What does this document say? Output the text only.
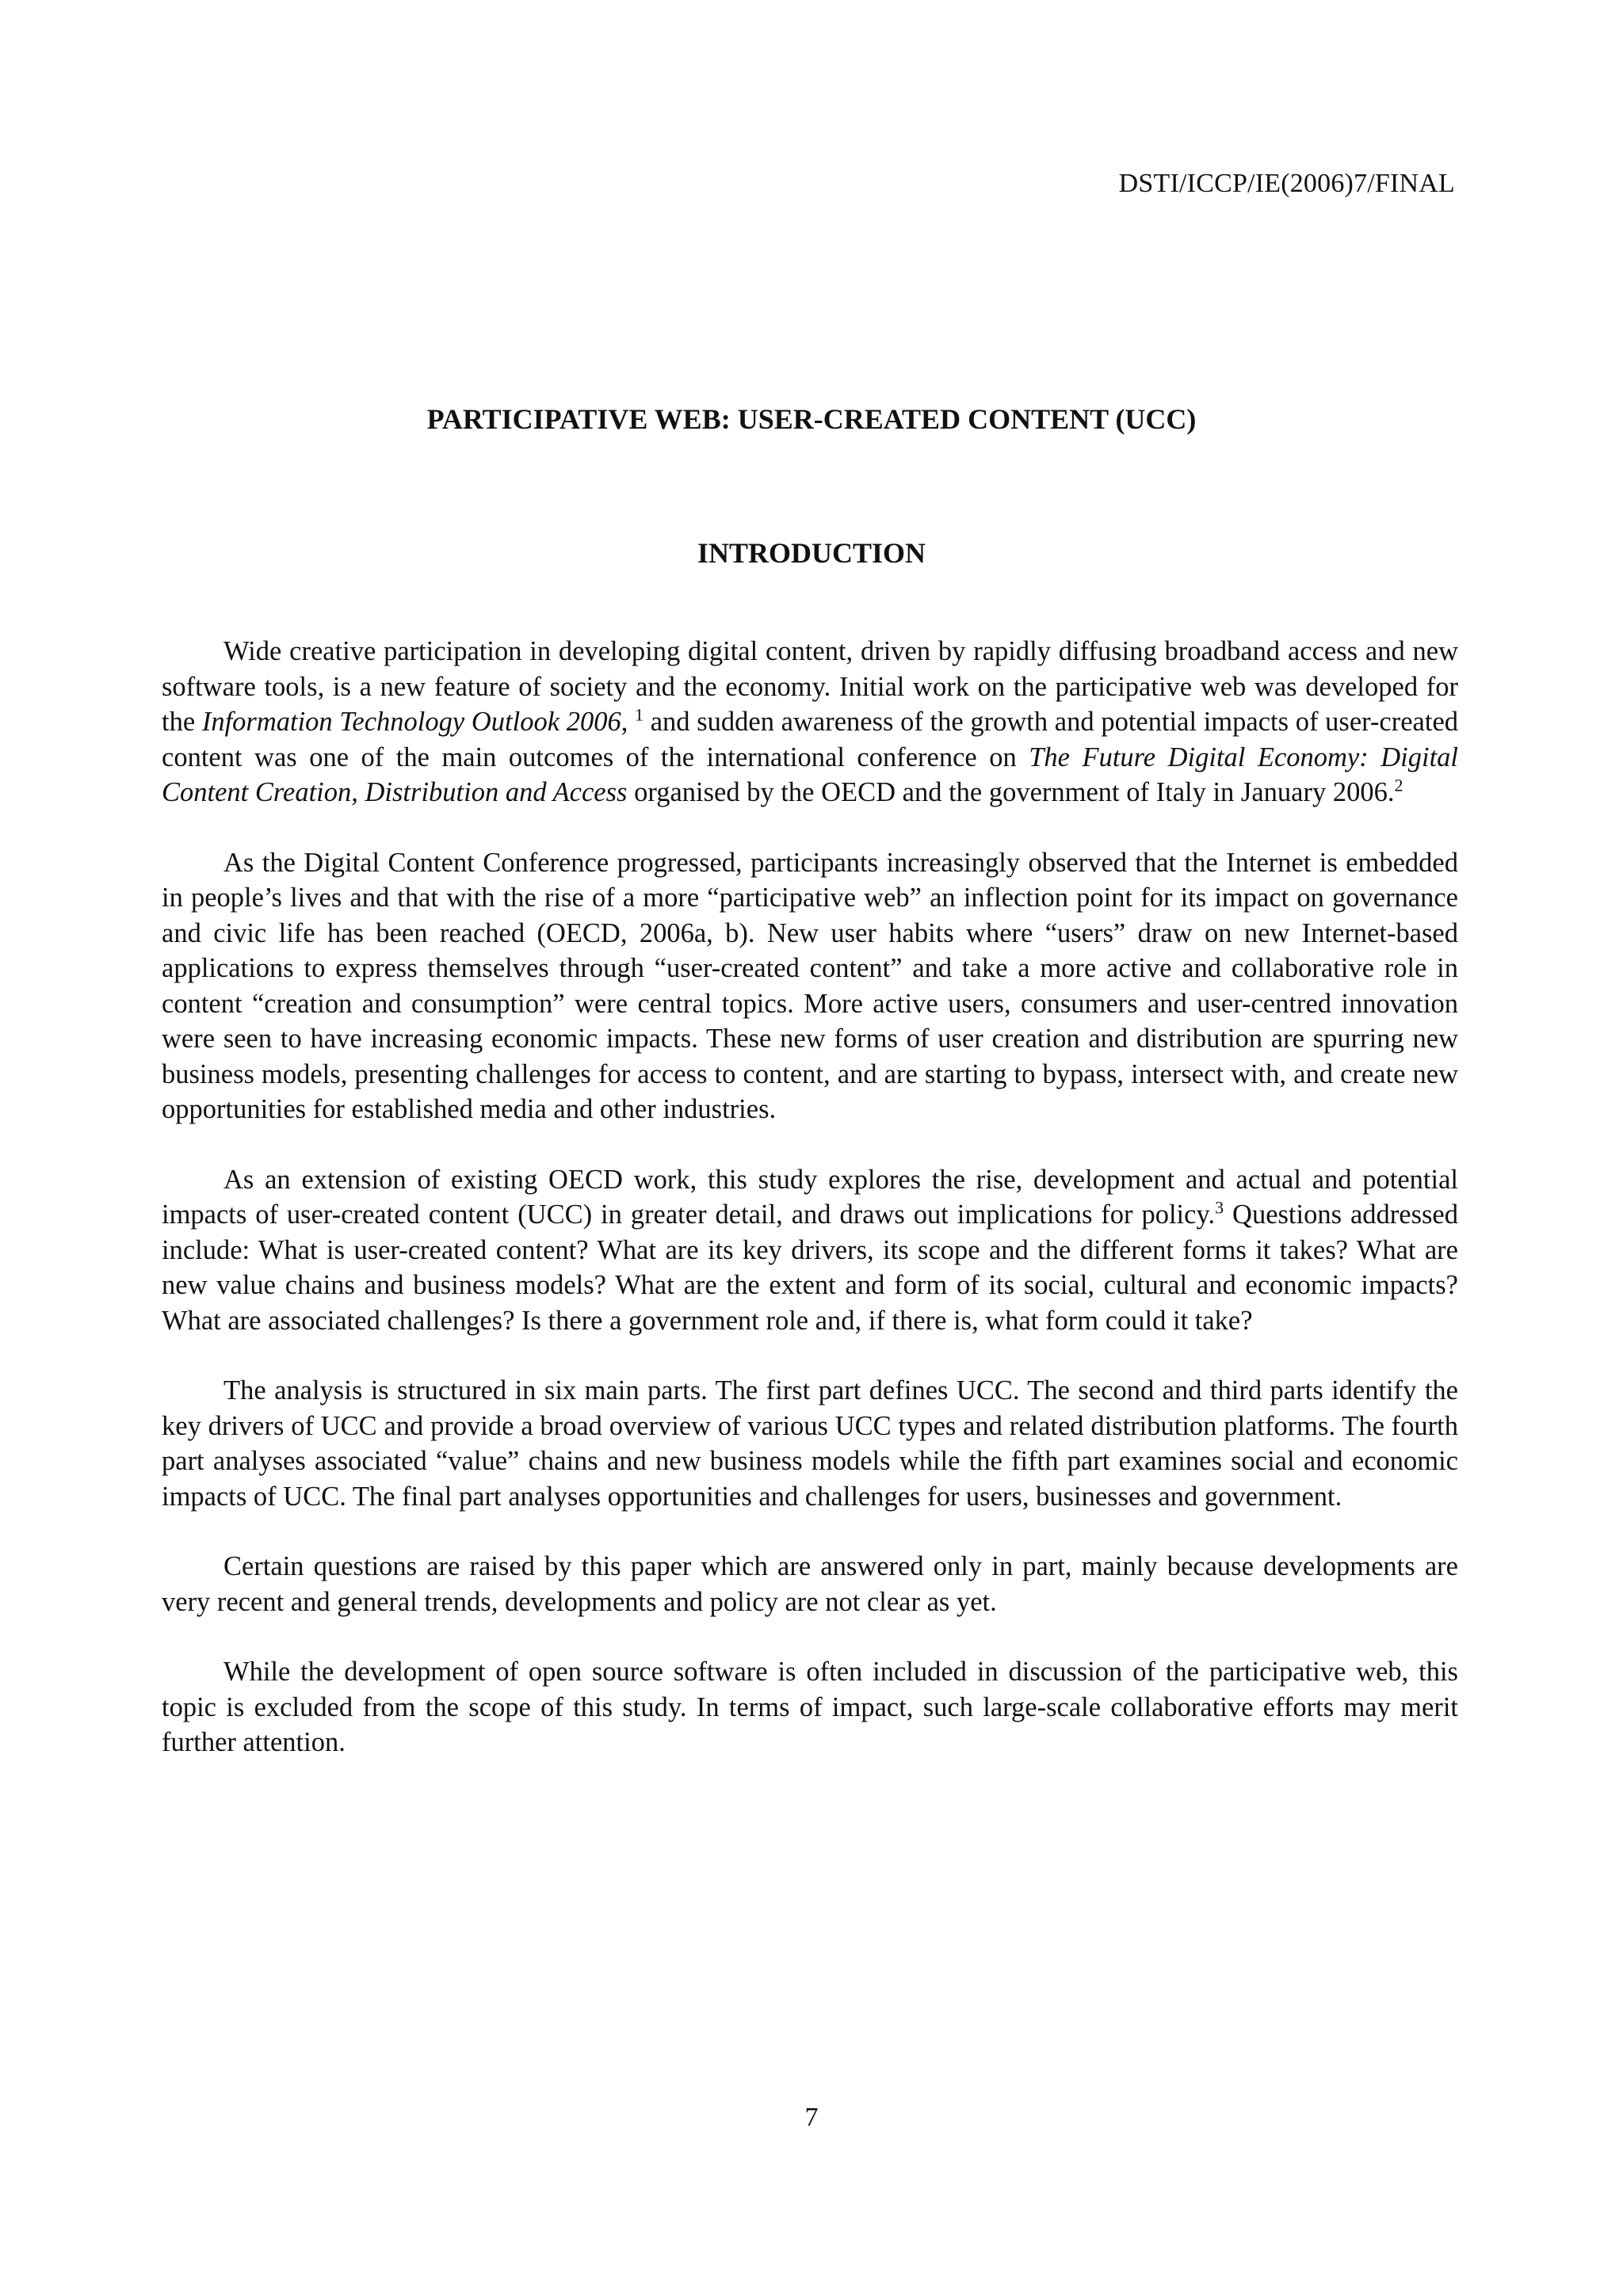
DSTI/ICCP/IE(2006)7/FINAL
PARTICIPATIVE WEB: USER-CREATED CONTENT (UCC)
INTRODUCTION

Wide creative participation in developing digital content, driven by rapidly diffusing broadband access and new software tools, is a new feature of society and the economy. Initial work on the participative web was developed for the Information Technology Outlook 2006, $^1$ and sudden awareness of the growth and potential impacts of user-created content was one of the main outcomes of the international conference on The Future Digital Economy: Digital Content Creation, Distribution and Access organised by the OECD and the government of Italy in January 2006.$^2$

As the Digital Content Conference progressed, participants increasingly observed that the Internet is embedded in people’s lives and that with the rise of a more “participative web” an inflection point for its impact on governance and civic life has been reached (OECD, 2006a, b). New user habits where “users” draw on new Internet-based applications to express themselves through “user-created content” and take a more active and collaborative role in content “creation and consumption” were central topics. More active users, consumers and user-centred innovation were seen to have increasing economic impacts. These new forms of user creation and distribution are spurring new business models, presenting challenges for access to content, and are starting to bypass, intersect with, and create new opportunities for established media and other industries.

As an extension of existing OECD work, this study explores the rise, development and actual and potential impacts of user-created content (UCC) in greater detail, and draws out implications for policy.$^3$ Questions addressed include: What is user-created content? What are its key drivers, its scope and the different forms it takes? What are new value chains and business models? What are the extent and form of its social, cultural and economic impacts? What are associated challenges? Is there a government role and, if there is, what form could it take?

The analysis is structured in six main parts. The first part defines UCC. The second and third parts identify the key drivers of UCC and provide a broad overview of various UCC types and related distribution platforms. The fourth part analyses associated “value” chains and new business models while the fifth part examines social and economic impacts of UCC. The final part analyses opportunities and challenges for users, businesses and government.

Certain questions are raised by this paper which are answered only in part, mainly because developments are very recent and general trends, developments and policy are not clear as yet.

While the development of open source software is often included in discussion of the participative web, this topic is excluded from the scope of this study. In terms of impact, such large-scale collaborative efforts may merit further attention.

7
